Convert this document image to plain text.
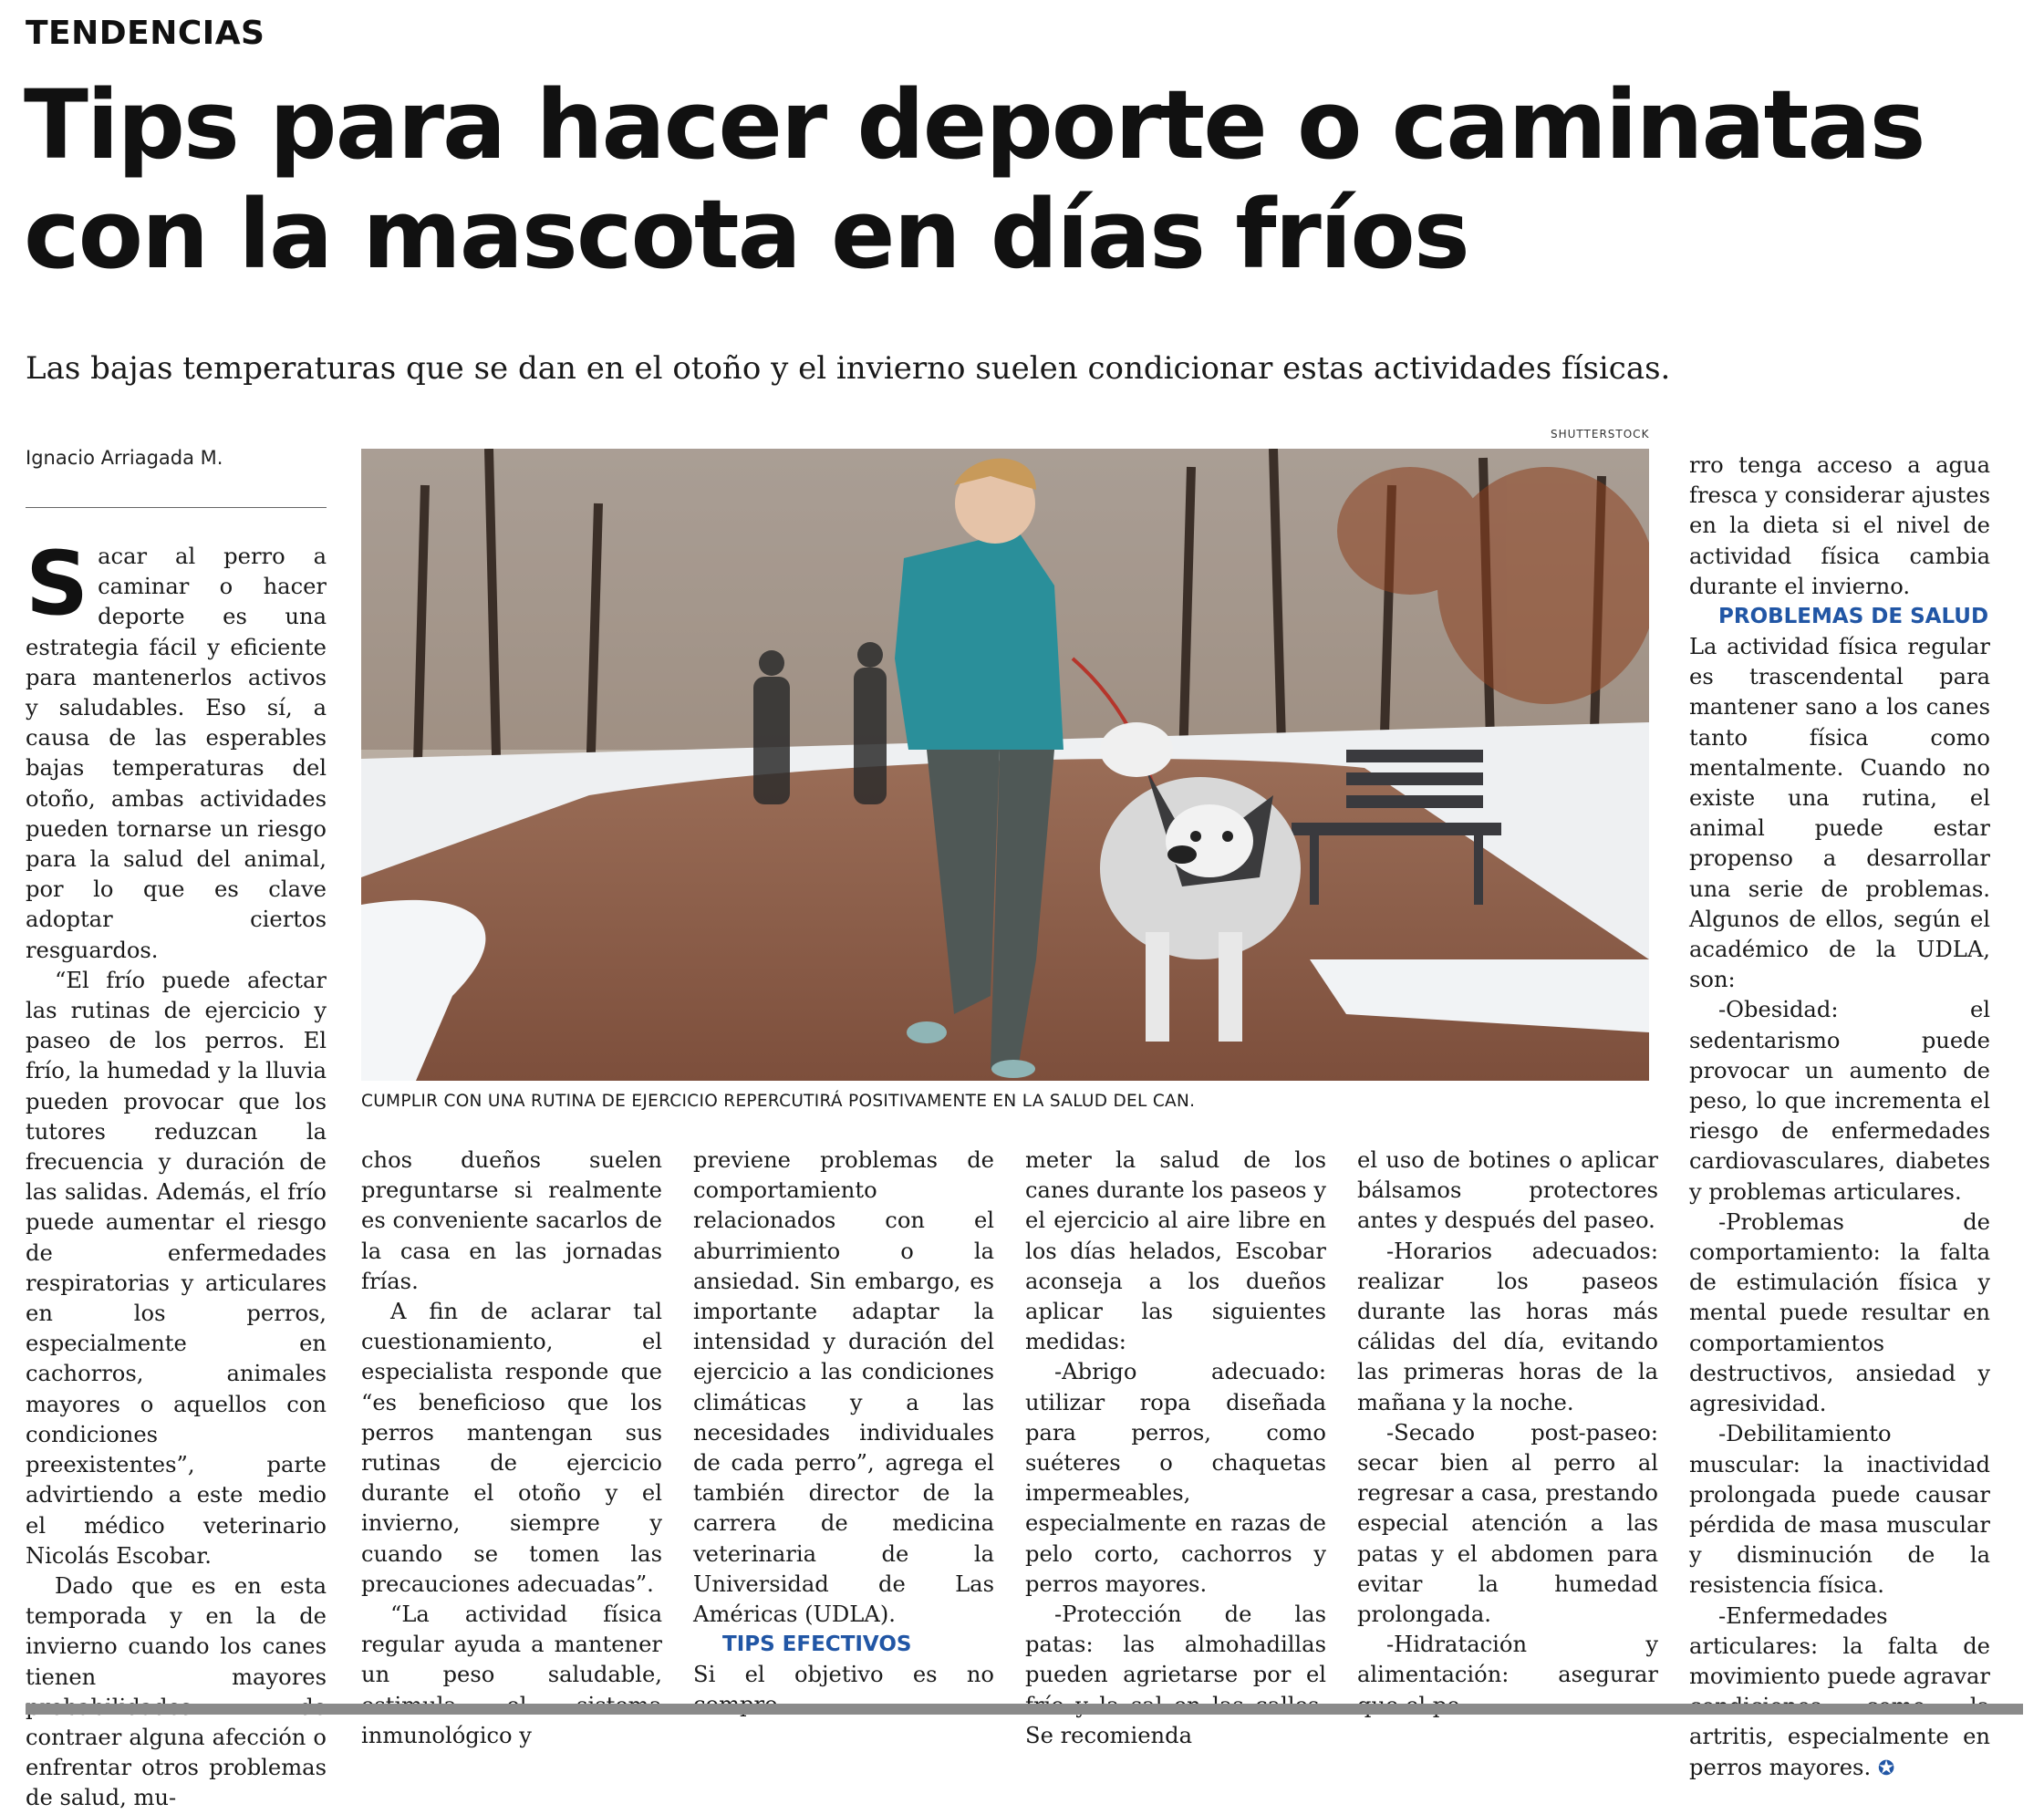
TENDENCIAS
Tips para hacer deporte o caminatas con la mascota en días fríos

Las bajas temperaturas que se dan en el otoño y el invierno suelen condicionar estas actividades físicas.

Ignacio Arriagada M.
SHUTTERSTOCK
CUMPLIR CON UNA RUTINA DE EJERCICIO REPERCUTIRÁ POSITIVAMENTE EN LA SALUD DEL CAN.

Sacar al perro a caminar o hacer deporte es una estrategia fácil y eficiente para mantenerlos activos y saludables. Eso sí, a causa de las esperables bajas temperaturas del otoño, ambas actividades pueden tornarse un riesgo para la salud del animal, por lo que es clave adoptar ciertos resguardos.

“El frío puede afectar las rutinas de ejercicio y paseo de los perros. El frío, la humedad y la lluvia pueden provocar que los tutores reduzcan la frecuencia y duración de las salidas. Además, el frío puede aumentar el riesgo de enfermedades respiratorias y articulares en los perros, especialmente en cachorros, animales mayores o aquellos con condiciones preexistentes”, parte advirtiendo a este medio el médico veterinario Nicolás Escobar.

Dado que es en esta temporada y en la de invierno cuando los canes tienen mayores contraer alguna afección o enfrentar otros problemas de salud, mu-

chos dueños suelen preguntarse si realmente es conveniente sacarlos de la casa en las jornadas frías.

A fin de aclarar tal cuestionamiento, el especialista responde que “es beneficioso que los perros mantengan sus rutinas de ejercicio durante el otoño y el invierno, siempre y cuando se tomen las precauciones adecuadas”.

“La actividad física regular ayuda a mantener un peso saludable, inmunológico y

previene problemas de comportamiento relacionados con el aburrimiento o la ansiedad. Sin embargo, es importante adaptar la intensidad y duración del ejercicio a las condiciones climáticas y a las necesidades individuales de cada perro”, agrega el también director de la carrera de medicina veterinaria de la Universidad de Las Américas (UDLA).

TIPS EFECTIVOS

Si el objetivo es no

meter la salud de los canes durante los paseos y el ejercicio al aire libre en los días helados, Escobar aconseja a los dueños aplicar las siguientes medidas:

-Abrigo adecuado: utilizar ropa diseñada para perros, como suéteres o chaquetas impermeables, especialmente en razas de pelo corto, cachorros y perros mayores.

-Protección de las patas: las almohadillas pueden agrietarse por el Se recomienda

el uso de botines o aplicar bálsamos protectores antes y después del paseo.

-Horarios adecuados: realizar los paseos durante las horas más cálidas del día, evitando las primeras horas de la mañana y la noche.

-Secado post-paseo: secar bien al perro al regresar a casa, prestando especial atención a las patas y el abdomen para evitar la humedad prolongada.

-Hidratación y alimentación: asegurar

rro tenga acceso a agua fresca y considerar ajustes en la dieta si el nivel de actividad física cambia durante el invierno.

PROBLEMAS DE SALUD

La actividad física regular es trascendental para mantener sano a los canes tanto física como mentalmente. Cuando no existe una rutina, el animal puede estar propenso a desarrollar una serie de problemas. Algunos de ellos, según el académico de la UDLA, son:

-Obesidad: el sedentarismo puede provocar un aumento de peso, lo que incrementa el riesgo de enfermedades cardiovasculares, diabetes y problemas articulares.

-Problemas de comportamiento: la falta de estimulación física y mental puede resultar en comportamientos destructivos, ansiedad y agresividad.

-Debilitamiento muscular: la inactividad prolongada puede causar pérdida de masa muscular y disminución de la resistencia física.

-Enfermedades articulares: la falta de movimiento puede agravar artritis, especialmente en perros mayores. ✪
